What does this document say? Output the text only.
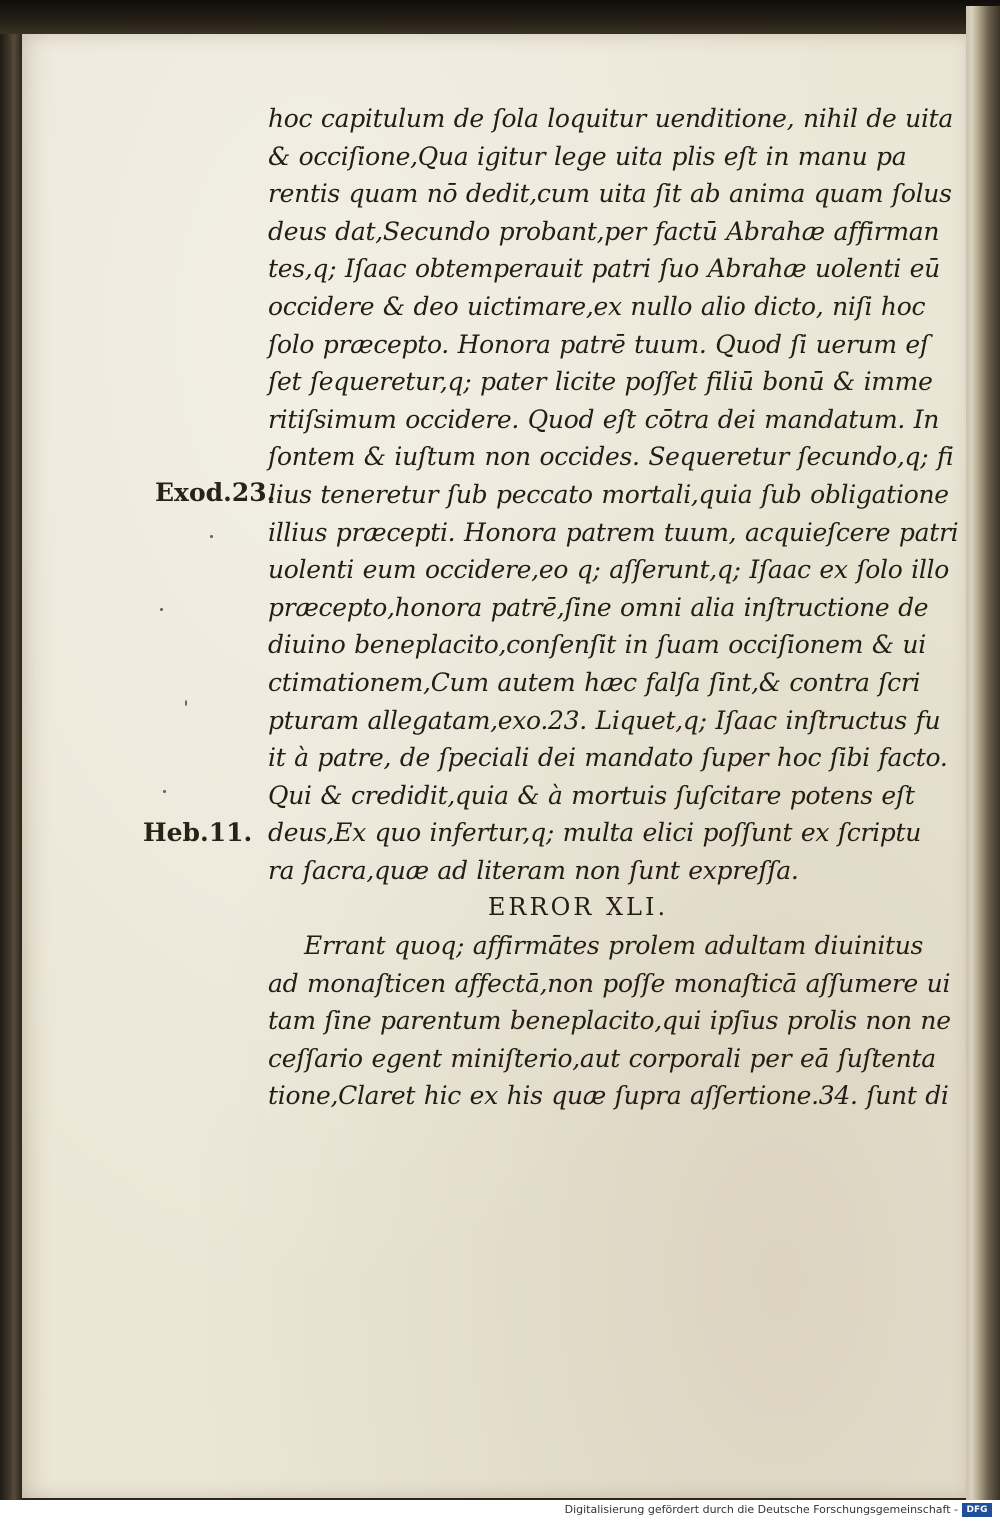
Exod.23.
Heb.11.
hoc capitulum de ſola loquitur uenditione, nihil de uita
& occiſione,Qua igitur lege uita plis eſt in manu pa
rentis quam nō dedit,cum uita ſit ab anima quam ſolus
deus dat,Secundo probant,per factū Abrahæ affirman
tes,q; Iſaac obtemperauit patri ſuo Abrahæ uolenti eū
occidere & deo uictimare,ex nullo alio dicto, niſi hoc
ſolo præcepto. Honora patrē tuum. Quod ſi uerum eſ
ſet ſequeretur,q; pater licite poſſet filiū bonū & imme
ritiſsimum occidere. Quod eſt cōtra dei mandatum. In
ſontem & iuſtum non occides. Sequeretur ſecundo,q; fi
lius teneretur ſub peccato mortali,quia ſub obligatione
illius præcepti. Honora patrem tuum, acquieſcere patri
uolenti eum occidere,eo q; aſſerunt,q; Iſaac ex ſolo illo
præcepto,honora patrē,ſine omni alia inſtructione de
diuino beneplacito,conſenſit in ſuam occiſionem & ui
ctimationem,Cum autem hæc falſa ſint,& contra ſcri
pturam allegatam,exo.23. Liquet,q; Iſaac inſtructus fu
it à patre, de ſpeciali dei mandato ſuper hoc ſibi facto.
Qui & credidit,quia & à mortuis ſuſcitare potens eſt
deus,Ex quo infertur,q; multa elici poſſunt ex ſcriptu
ra ſacra,quæ ad literam non ſunt expreſſa.
ERROR XLI.
Errant quoq; affirmātes prolem adultam diuinitus
ad monaſticen affectā,non poſſe monaſticā aſſumere ui
tam ſine parentum beneplacito,qui ipſius prolis non ne
ceſſario egent miniſterio,aut corporali per eā ſuſtenta
tione,Claret hic ex his quæ ſupra aſſertione.34. ſunt di
Digitalisierung gefördert durch die Deutsche Forschungsgemeinschaft - DFG
